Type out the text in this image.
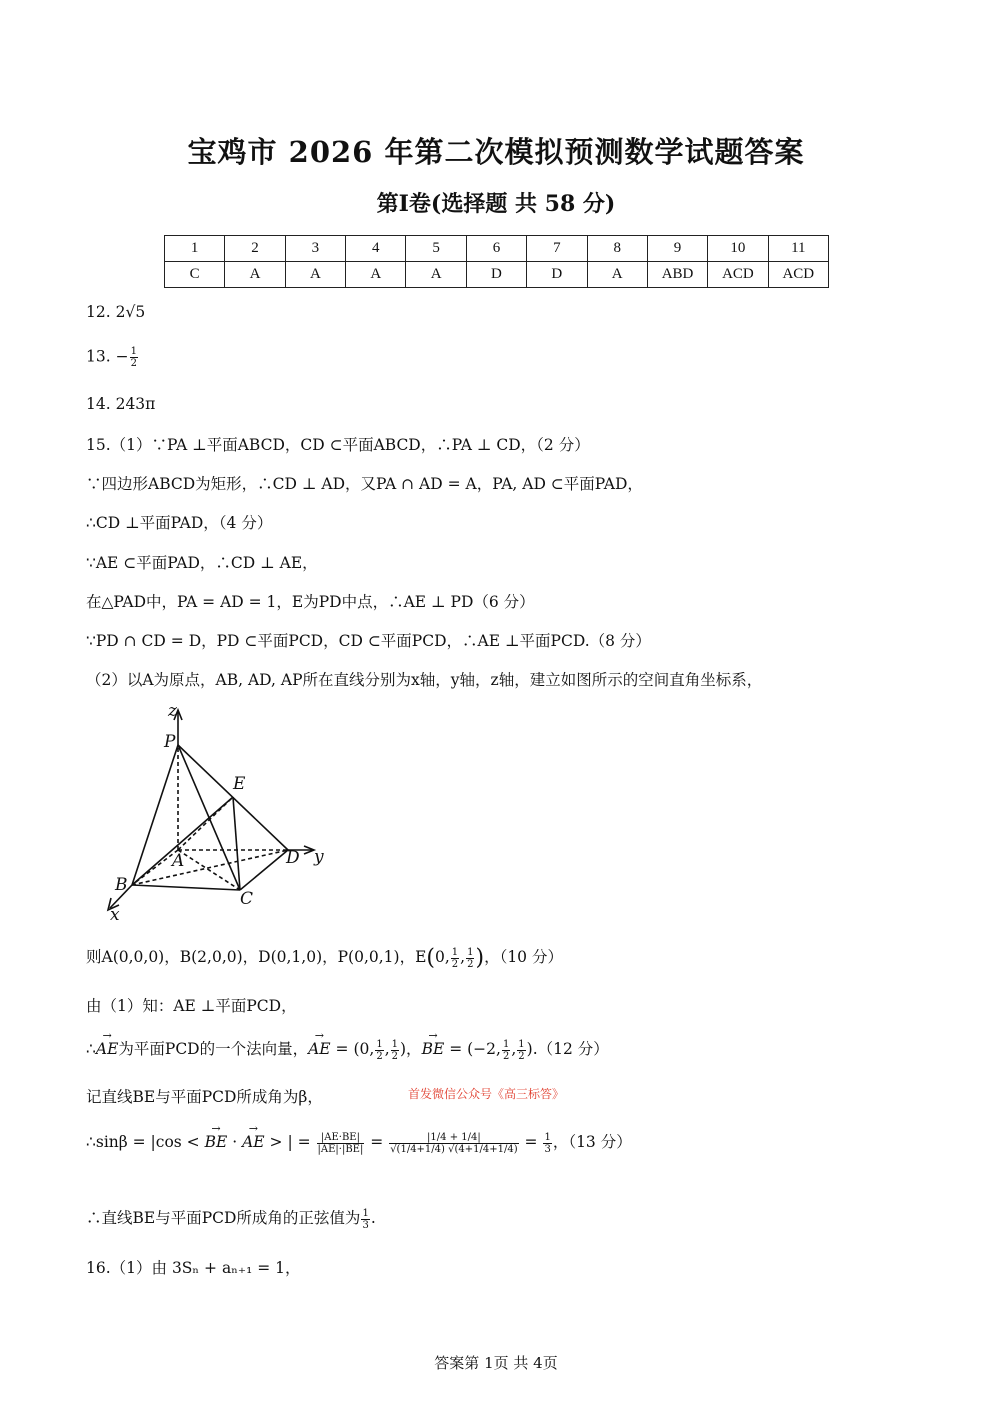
宝鸡市 2026 年第二次模拟预测数学试题答案
第Ⅰ卷(选择题 共 58 分)
1	2	3	4	5	6	7	8	9	10	11
C	A	A	A	A	D	D	A	ABD	ACD	ACD
12. 2√5
13. − $\frac{1}{2}$
14. 243π
15.（1）∵PA ⊥平面ABCD，CD ⊂平面ABCD，∴PA ⊥ CD，（2 分）
∵四边形ABCD为矩形，∴CD ⊥ AD，又PA ∩ AD = A，PA, AD ⊂平面PAD，
∴CD ⊥平面PAD，（4 分）
∵AE ⊂平面PAD，∴CD ⊥ AE，
在△PAD中，PA = AD = 1，E为PD中点，∴AE ⊥ PD（6 分）
∵PD ∩ CD = D，PD ⊂平面PCD，CD ⊂平面PCD，∴AE ⊥平面PCD.（8 分）
（2）以A为原点，AB, AD, AP所在直线分别为x轴，y轴，z轴，建立如图所示的空间直角坐标系，
z
P
E
A	D y
B
C
x
则A(0,0,0)，B(2,0,0)，D(0,1,0)，P(0,0,1)，E(0, $\frac{1}{2}$ , $\frac{1}{2}$ )，（10 分）
由（1）知：AE ⊥平面PCD，
∴→ AE为平面PCD的一个法向量，→ AE = (0, $\frac{1}{2}$ , $\frac{1}{2}$ )，→ BE = (−2, $\frac{1}{2}$ , $\frac{1}{2} ).(12$ 分）
记直线BE与平面PCD所成角为β，	首发微信公众号《高三标答》
∴sinβ = |cos < → BE · → AE > | = $\frac{|AE\cdot BE|}{|AE|\cdot|BE|} = \frac{|1/4 + 1/4|}{√(1/4+1/4) √(4+1/4+1/4)} = \frac{1}{3}$ ，（13 分）
∴直线BE与平面PCD所成角的正弦值为 $\frac{1}{3}$ .
16.（1）由 3Sₙ + aₙ₊₁ = 1，
答案第 1页 共 4页
